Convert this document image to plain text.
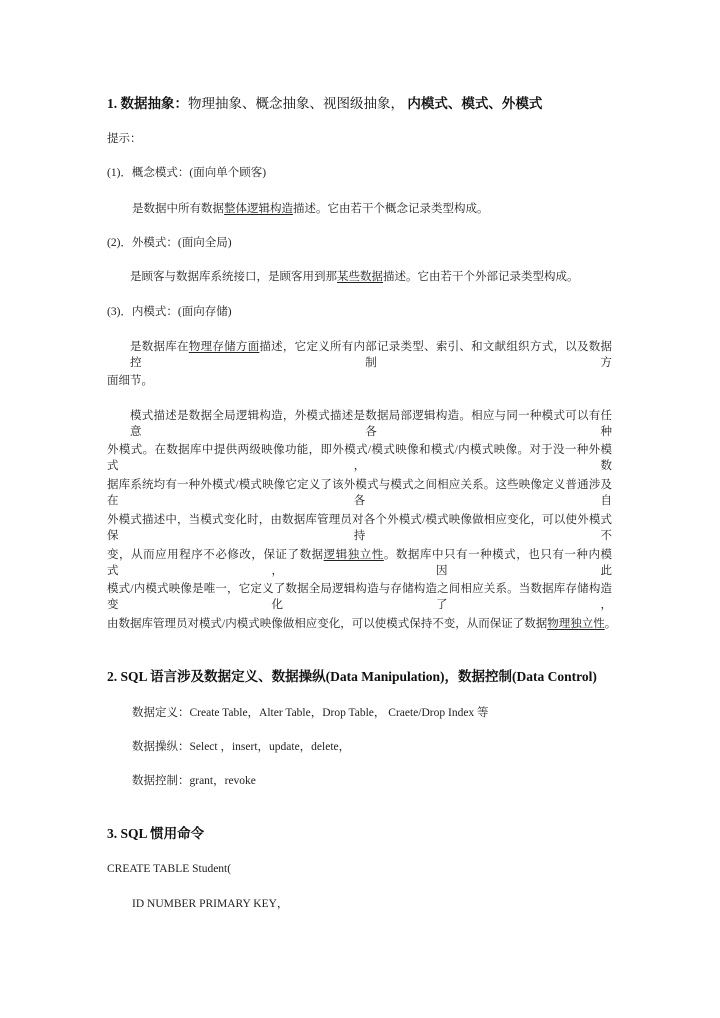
1. 数据抽象：物理抽象、概念抽象、视图级抽象， 内模式、模式、外模式
提示：
(1)．概念模式：(面向单个顾客)
是数据中所有数据整体逻辑构造描述。它由若干个概念记录类型构成。
(2)．外模式：(面向全局)
是顾客与数据库系统接口，是顾客用到那某些数据描述。它由若干个外部记录类型构成。
(3)．内模式：(面向存储)
是数据库在物理存储方面描述，它定义所有内部记录类型、索引、和文献组织方式，以及数据控制方
面细节。
模式描述是数据全局逻辑构造，外模式描述是数据局部逻辑构造。相应与同一种模式可以有任意各种
外模式。在数据库中提供两级映像功能，即外模式/模式映像和模式/内模式映像。对于没一种外模式，数
据库系统均有一种外模式/模式映像它定义了该外模式与模式之间相应关系。这些映像定义普通涉及在各自
外模式描述中，当模式变化时，由数据库管理员对各个外模式/模式映像做相应变化，可以使外模式保持不
变，从而应用程序不必修改，保证了数据逻辑独立性。数据库中只有一种模式，也只有一种内模式，因此
模式/内模式映像是唯一，它定义了数据全局逻辑构造与存储构造之间相应关系。当数据库存储构造变化了，
由数据库管理员对模式/内模式映像做相应变化，可以使模式保持不变，从而保证了数据物理独立性。
2. SQL 语言涉及数据定义、数据操纵(Data Manipulation)，数据控制(Data Control)
数据定义：Create Table，Alter Table，Drop Table， Craete/Drop Index 等
数据操纵：Select ，insert，update，delete，
数据控制：grant，revoke
3. SQL 惯用命令
CREATE TABLE Student(
ID NUMBER PRIMARY KEY，
